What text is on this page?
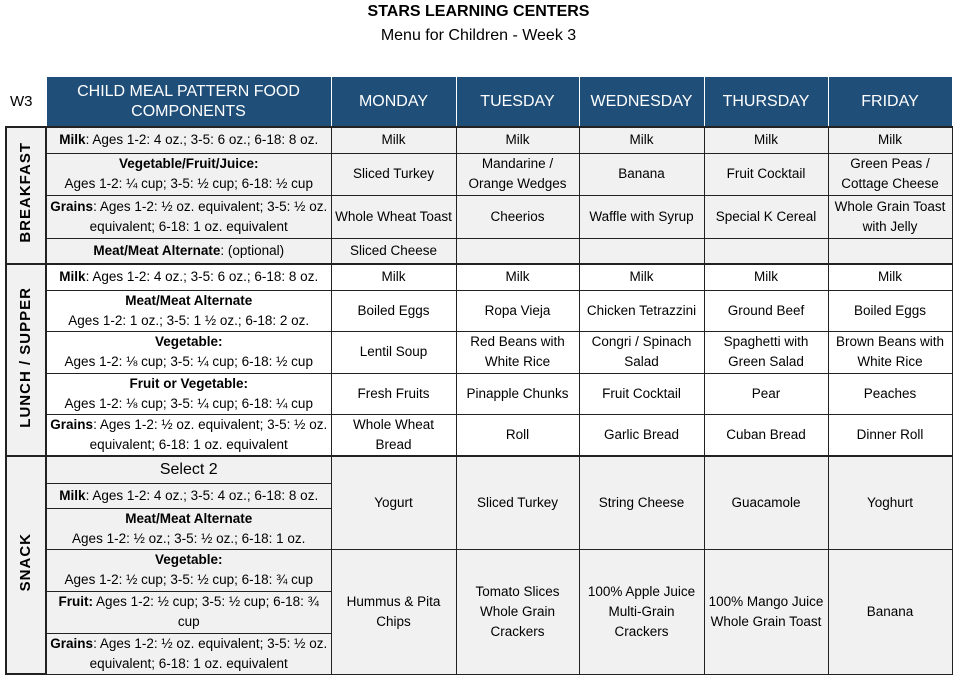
STARS LEARNING CENTERS
Menu for Children - Week 3
W3
	CHILD MEAL PATTERN FOOD COMPONENTS	MONDAY	TUESDAY	WEDNESDAY	THURSDAY	FRIDAY
BREAKFAST	Milk: Ages 1-2: 4 oz.; 3-5: 6 oz.; 6-18: 8 oz.	Milk	Milk	Milk	Milk	Milk
	Vegetable/Fruit/Juice:
Ages 1-2: ¼ cup; 3-5: ½ cup; 6-18: ½ cup	Sliced Turkey	Mandarine / Orange Wedges	Banana	Fruit Cocktail	Green Peas / Cottage Cheese
	Grains: Ages 1-2: ½ oz. equivalent; 3-5: ½ oz. equivalent; 6-18: 1 oz. equivalent	Whole Wheat Toast	Cheerios	Waffle with Syrup	Special K Cereal	Whole Grain Toast with Jelly
	Meat/Meat Alternate: (optional)	Sliced Cheese				
LUNCH / SUPPER	Milk: Ages 1-2: 4 oz.; 3-5: 6 oz.; 6-18: 8 oz.	Milk	Milk	Milk	Milk	Milk
	Meat/Meat Alternate
Ages 1-2: 1 oz.; 3-5: 1 ½ oz.; 6-18: 2 oz.	Boiled Eggs	Ropa Vieja	Chicken Tetrazzini	Ground Beef	Boiled Eggs
	Vegetable:
Ages 1-2: ⅛ cup; 3-5: ¼ cup; 6-18: ½ cup	Lentil Soup	Red Beans with White Rice	Congri / Spinach Salad	Spaghetti with Green Salad	Brown Beans with White Rice
	Fruit or Vegetable:
Ages 1-2: ⅛ cup; 3-5: ¼ cup; 6-18: ¼ cup	Fresh Fruits	Pinapple Chunks	Fruit Cocktail	Pear	Peaches
	Grains: Ages 1-2: ½ oz. equivalent; 3-5: ½ oz. equivalent; 6-18: 1 oz. equivalent	Whole Wheat Bread	Roll	Garlic Bread	Cuban Bread	Dinner Roll
SNACK	Select 2	Yogurt	Sliced Turkey	String Cheese	Guacamole	Yoghurt
	Milk: Ages 1-2: 4 oz.; 3-5: 4 oz.; 6-18: 8 oz.					
	Meat/Meat Alternate
Ages 1-2: ½ oz.; 3-5: ½ oz.; 6-18: 1 oz.					
	Vegetable:
Ages 1-2: ½ cup; 3-5: ½ cup; 6-18: ¾ cup	Hummus & Pita Chips	Tomato Slices Whole Grain Crackers	100% Apple Juice Multi-Grain Crackers	100% Mango Juice Whole Grain Toast	Banana
	Fruit: Ages 1-2: ½ cup; 3-5: ½ cup; 6-18: ¾ cup					
	Grains: Ages 1-2: ½ oz. equivalent; 3-5: ½ oz. equivalent; 6-18: 1 oz. equivalent					
